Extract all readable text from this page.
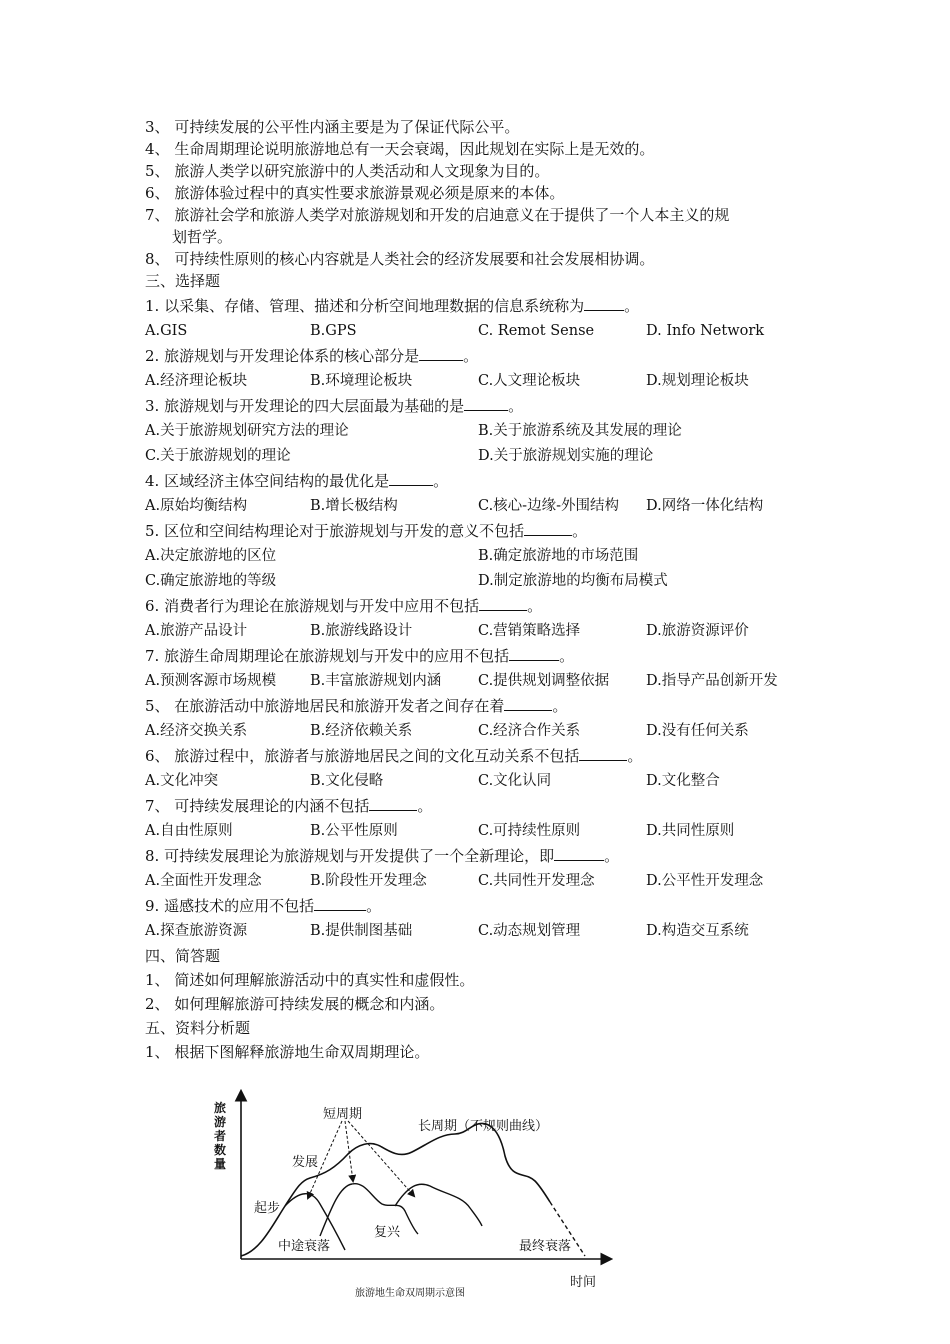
3、 可持续发展的公平性内涵主要是为了保证代际公平。
4、 生命周期理论说明旅游地总有一天会衰竭，因此规划在实际上是无效的。
5、 旅游人类学以研究旅游中的人类活动和人文现象为目的。
6、 旅游体验过程中的真实性要求旅游景观必须是原来的本体。
7、 旅游社会学和旅游人类学对旅游规划和开发的启迪意义在于提供了一个人本主义的规
划哲学。
8、 可持续性原则的核心内容就是人类社会的经济发展要和社会发展相协调。
三、选择题
1. 以采集、存储、管理、描述和分析空间地理数据的信息系统称为	。
A.GIS	B.GPS	C. Remot Sense	D. Info Network
2. 旅游规划与开发理论体系的核心部分是	。
A.经济理论板块	B.环境理论板块	C.人文理论板块	D.规划理论板块
3. 旅游规划与开发理论的四大层面最为基础的是	。
A.关于旅游规划研究方法的理论	B.关于旅游系统及其发展的理论
C.关于旅游规划的理论	D.关于旅游规划实施的理论
4. 区域经济主体空间结构的最优化是	。
A.原始均衡结构	B.增长极结构	C.核心-边缘-外围结构 D.网络一体化结构
5. 区位和空间结构理论对于旅游规划与开发的意义不包括	。
A.决定旅游地的区位	B.确定旅游地的市场范围
C.确定旅游地的等级	D.制定旅游地的均衡布局模式
6. 消费者行为理论在旅游规划与开发中应用不包括	。
A.旅游产品设计	B.旅游线路设计	C.营销策略选择	D.旅游资源评价
7. 旅游生命周期理论在旅游规划与开发中的应用不包括	。
A.预测客源市场规模 B.丰富旅游规划内涵	C.提供规划调整依据	D.指导产品创新开发
5、 在旅游活动中旅游地居民和旅游开发者之间存在着	。
A.经济交换关系	B.经济依赖关系	C.经济合作关系	D.没有任何关系
6、 旅游过程中，旅游者与旅游地居民之间的文化互动关系不包括	。
A.文化冲突	B.文化侵略	C.文化认同	D.文化整合
7、 可持续发展理论的内涵不包括	。
A.自由性原则	B.公平性原则	C.可持续性原则	D.共同性原则
8. 可持续发展理论为旅游规划与开发提供了一个全新理论，即	。
A.全面性开发理念	B.阶段性开发理念	C.共同性开发理念	D.公平性开发理念
9. 遥感技术的应用不包括	。
A.探查旅游资源	B.提供制图基础	C.动态规划管理	D.构造交互系统
四、简答题
1、 简述如何理解旅游活动中的真实性和虚假性。
2、 如何理解旅游可持续发展的概念和内涵。
五、资料分析题
1、 根据下图解释旅游地生命双周期理论。
旅 游 者 数 量
短周期
长周期（不规则曲线）
发展
起步
中途衰落
复兴
最终衰落
时间
旅游地生命双周期示意图
